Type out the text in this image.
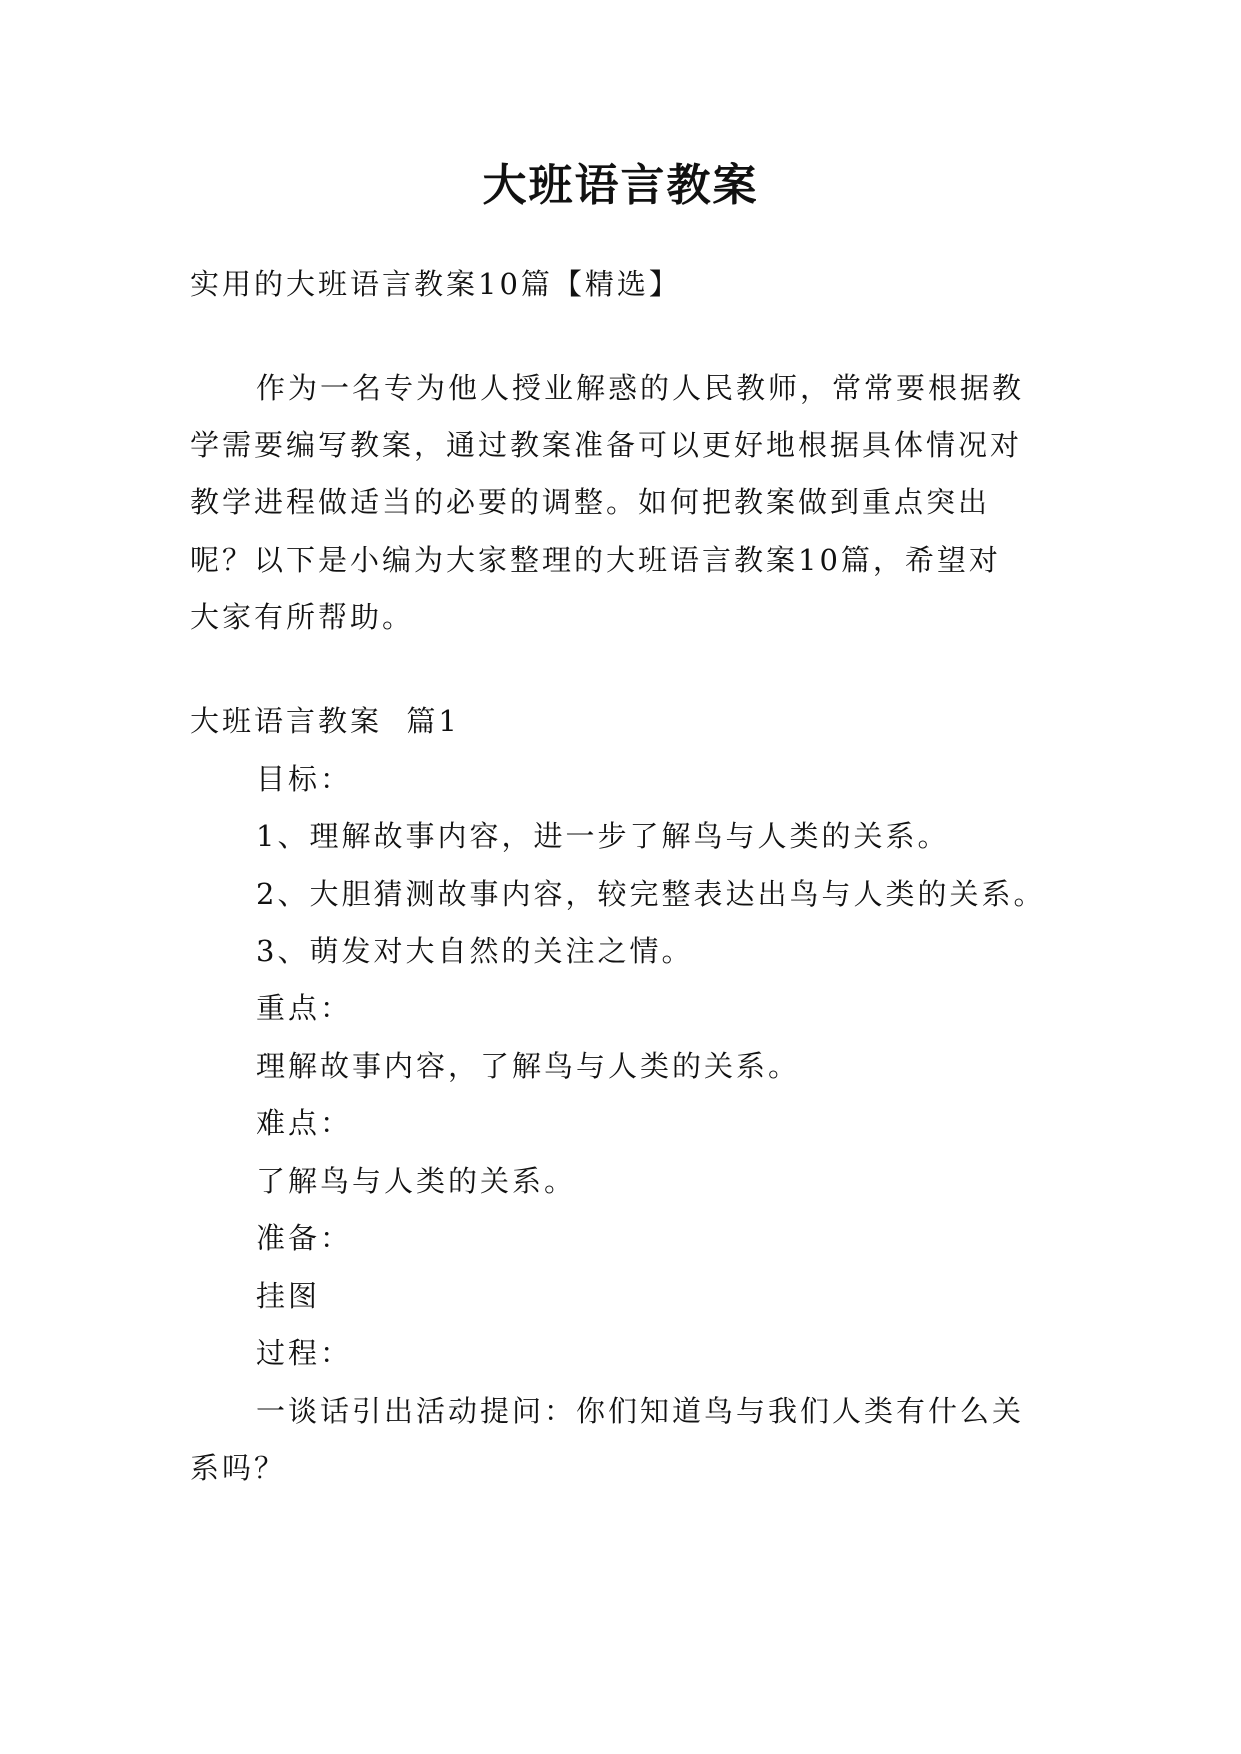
大班语言教案
实用的大班语言教案10篇【精选】
作为一名专为他人授业解惑的人民教师，常常要根据教
学需要编写教案，通过教案准备可以更好地根据具体情况对
教学进程做适当的必要的调整。如何把教案做到重点突出
呢？以下是小编为大家整理的大班语言教案10篇，希望对
大家有所帮助。
大班语言教案  篇1
目标：
1、理解故事内容，进一步了解鸟与人类的关系。
2、大胆猜测故事内容，较完整表达出鸟与人类的关系。
3、萌发对大自然的关注之情。
重点：
理解故事内容，了解鸟与人类的关系。
难点：
了解鸟与人类的关系。
准备：
挂图
过程：
一谈话引出活动提问：你们知道鸟与我们人类有什么关
系吗？
